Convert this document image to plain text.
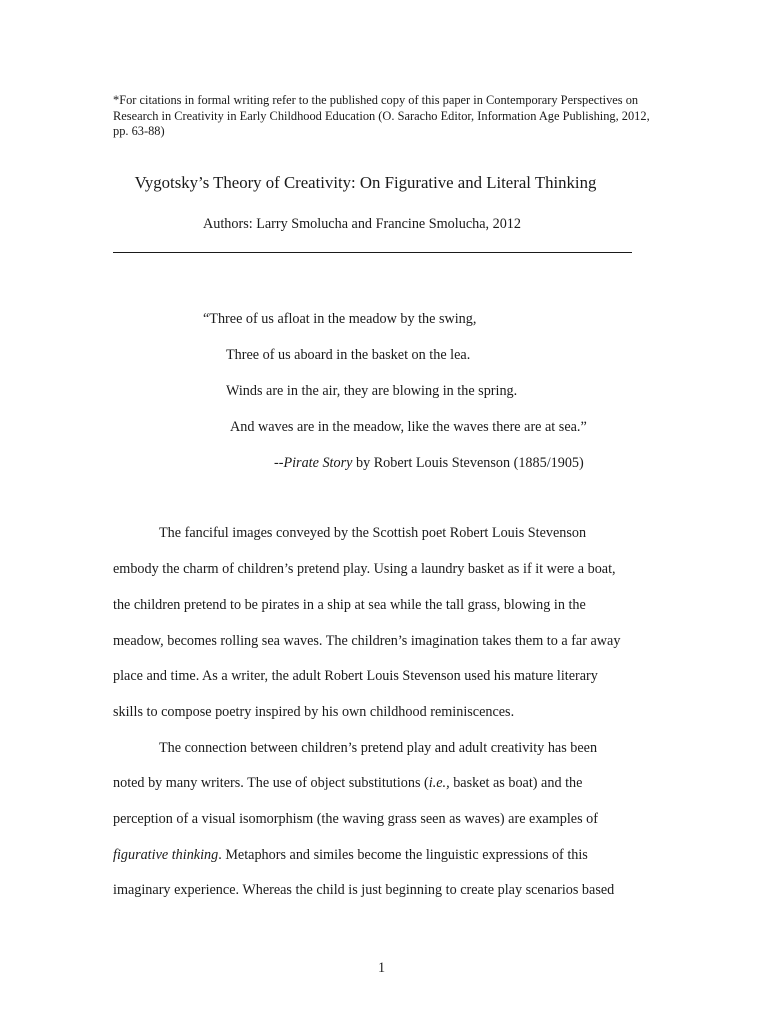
*For citations in formal writing refer to the published copy of this paper in Contemporary Perspectives on Research in Creativity in Early Childhood Education (O. Saracho Editor, Information Age Publishing, 2012, pp. 63-88)
Vygotsky’s Theory of Creativity: On Figurative and Literal Thinking
Authors: Larry Smolucha and Francine Smolucha, 2012
“Three of us afloat in the meadow by the swing,
Three of us aboard in the basket on the lea.
Winds are in the air, they are blowing in the spring.
And waves are in the meadow, like the waves there are at sea.”
--Pirate Story by Robert Louis Stevenson (1885/1905)
The fanciful images conveyed by the Scottish poet Robert Louis Stevenson
embody the charm of children’s pretend play. Using a laundry basket as if it were a boat,
the children pretend to be pirates in a ship at sea while the tall grass, blowing in the
meadow, becomes rolling sea waves. The children’s imagination takes them to a far away
place and time. As a writer, the adult Robert Louis Stevenson used his mature literary
skills to compose poetry inspired by his own childhood reminiscences.
The connection between children’s pretend play and adult creativity has been
noted by many writers. The use of object substitutions (i.e., basket as boat) and the
perception of a visual isomorphism (the waving grass seen as waves) are examples of
figurative thinking. Metaphors and similes become the linguistic expressions of this
imaginary experience. Whereas the child is just beginning to create play scenarios based
1
